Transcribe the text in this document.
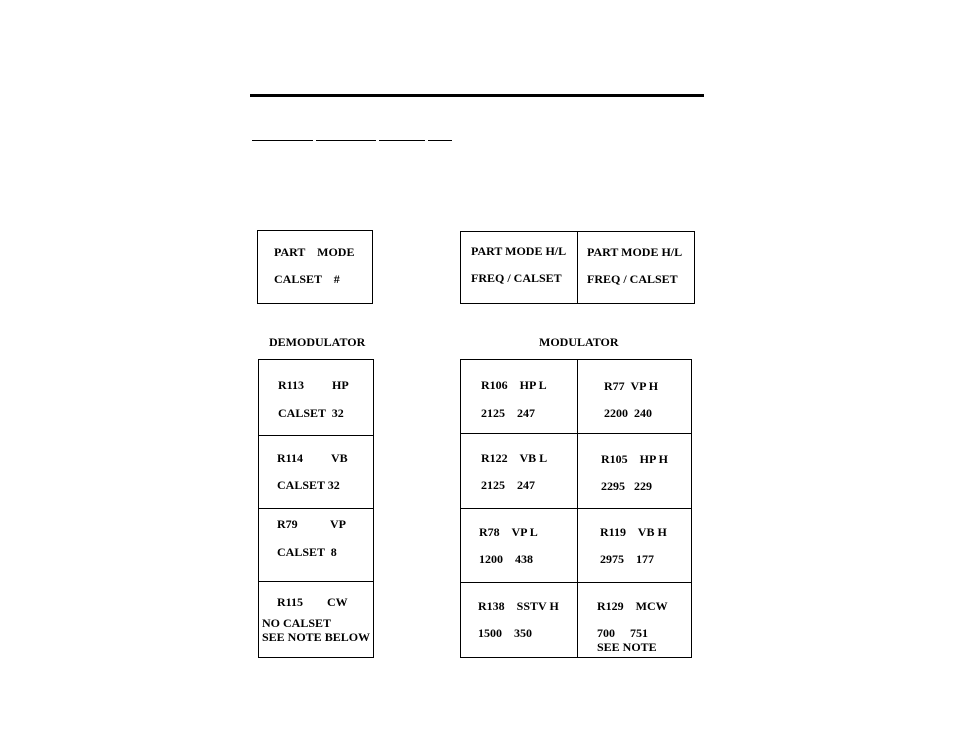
PART    MODE
CALSET    #
PART MODE H/L
FREQ / CALSET
PART MODE H/L
FREQ / CALSET
DEMODULATOR	MODULATOR
R113 HP
CALSET  32
R114 VB
CALSET 32
R79	VP
CALSET  8
R115 CW
NO CALSET
SEE NOTE BELOW
R106    HP L
2125    247
R122    VB L
2125    247
R78    VP L
1200    438
R138    SSTV H
1500    350
R77  VP H
2200  240
R105    HP H
2295   229
R119    VB H
2975    177
R129    MCW
700     751
SEE NOTE
